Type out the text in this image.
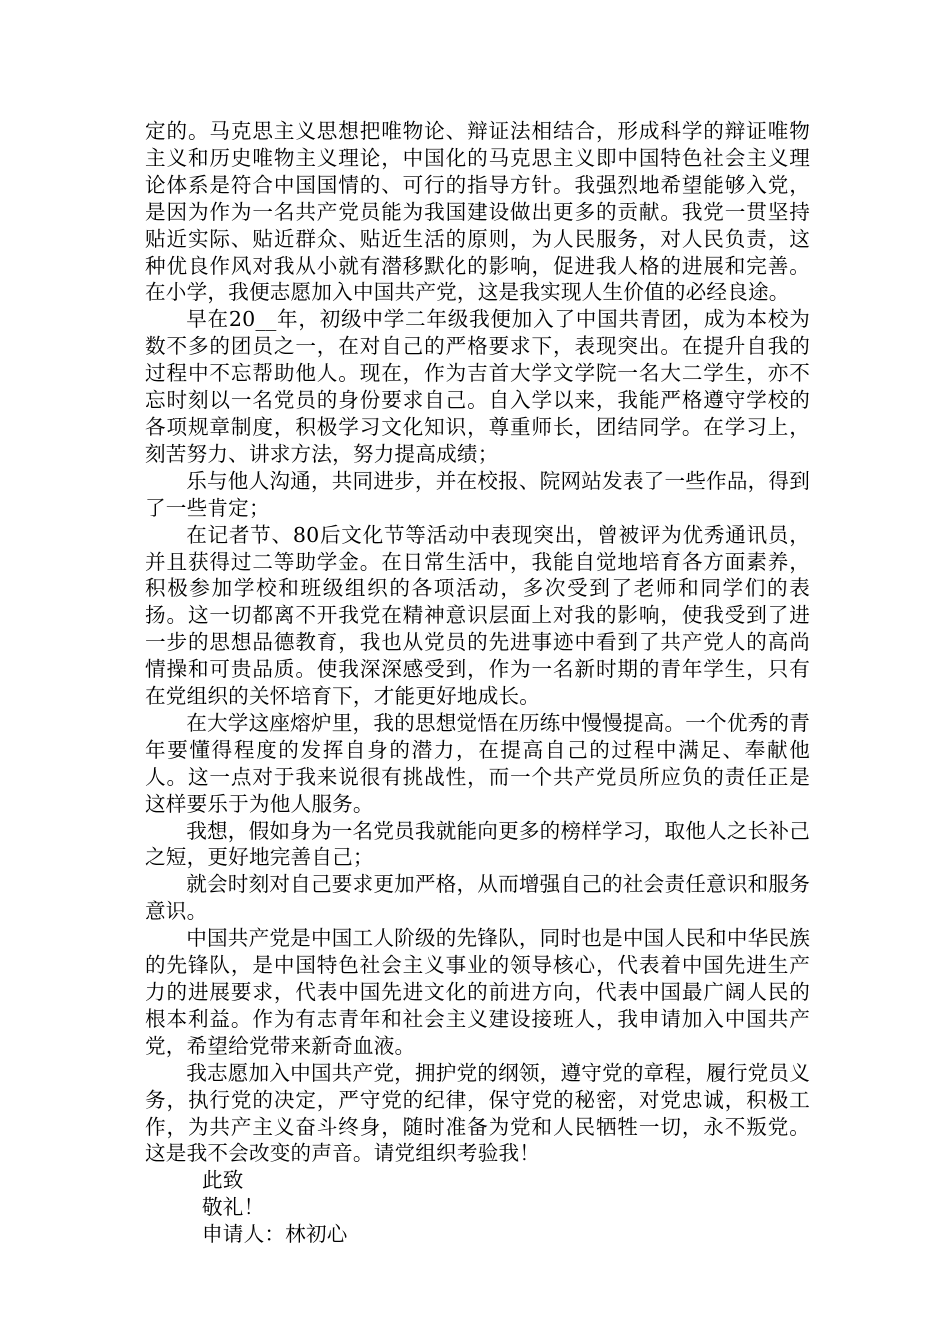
定的。马克思主义思想把唯物论、辩证法相结合，形成科学的辩证唯物主义和历史唯物主义理论，中国化的马克思主义即中国特色社会主义理论体系是符合中国国情的、可行的指导方针。我强烈地希望能够入党，是因为作为一名共产党员能为我国建设做出更多的贡献。我党一贯坚持贴近实际、贴近群众、贴近生活的原则，为人民服务，对人民负责，这种优良作风对我从小就有潜移默化的影响，促进我人格的进展和完善。在小学，我便志愿加入中国共产党，这是我实现人生价值的必经良途。

早在20__年，初级中学二年级我便加入了中国共青团，成为本校为数不多的团员之一，在对自己的严格要求下，表现突出。在提升自我的过程中不忘帮助他人。现在，作为吉首大学文学院一名大二学生，亦不忘时刻以一名党员的身份要求自己。自入学以来，我能严格遵守学校的各项规章制度，积极学习文化知识，尊重师长，团结同学。在学习上，刻苦努力、讲求方法，努力提高成绩；

乐与他人沟通，共同进步，并在校报、院网站发表了一些作品，得到了一些肯定；

在记者节、80后文化节等活动中表现突出，曾被评为优秀通讯员，并且获得过二等助学金。在日常生活中，我能自觉地培育各方面素养，积极参加学校和班级组织的各项活动，多次受到了老师和同学们的表扬。这一切都离不开我党在精神意识层面上对我的影响，使我受到了进一步的思想品德教育，我也从党员的先进事迹中看到了共产党人的高尚情操和可贵品质。使我深深感受到，作为一名新时期的青年学生，只有在党组织的关怀培育下，才能更好地成长。

在大学这座熔炉里，我的思想觉悟在历练中慢慢提高。一个优秀的青年要懂得程度的发挥自身的潜力，在提高自己的过程中满足、奉献他人。这一点对于我来说很有挑战性，而一个共产党员所应负的责任正是这样要乐于为他人服务。

我想，假如身为一名党员我就能向更多的榜样学习，取他人之长补己之短，更好地完善自己；

就会时刻对自己要求更加严格，从而增强自己的社会责任意识和服务意识。

中国共产党是中国工人阶级的先锋队，同时也是中国人民和中华民族的先锋队，是中国特色社会主义事业的领导核心，代表着中国先进生产力的进展要求，代表中国先进文化的前进方向，代表中国最广阔人民的根本利益。作为有志青年和社会主义建设接班人，我申请加入中国共产党，希望给党带来新奇血液。

我志愿加入中国共产党，拥护党的纲领，遵守党的章程，履行党员义务，执行党的决定，严守党的纪律，保守党的秘密，对党忠诚，积极工作，为共产主义奋斗终身，随时准备为党和人民牺牲一切，永不叛党。这是我不会改变的声音。请党组织考验我！

此致

敬礼！

申请人：林初心
